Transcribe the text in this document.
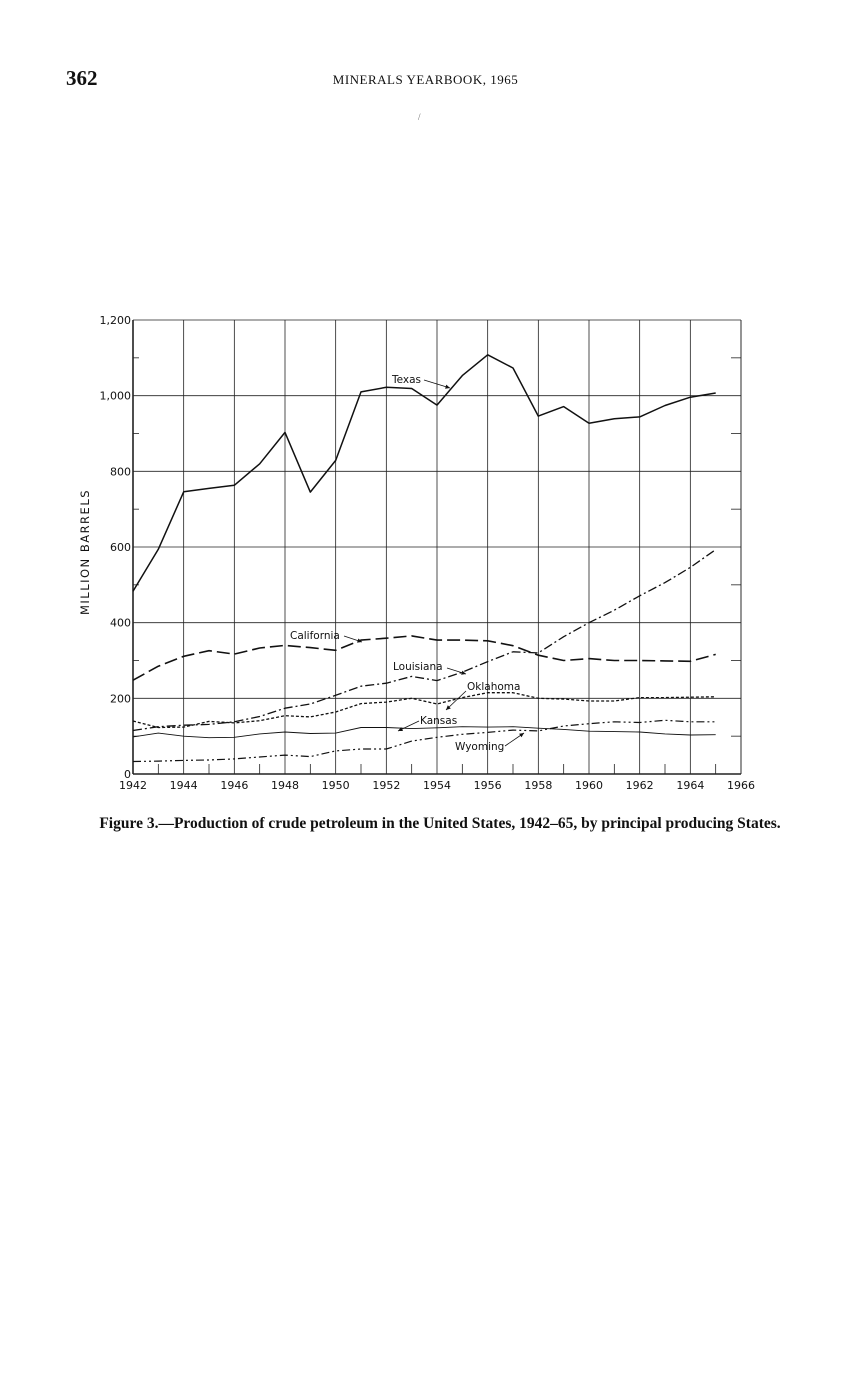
362	MINERALS YEARBOOK, 1965
/
1942 1944 1946 1948 1950 1952 1954 1956 1958 1960 1962 1964 1966
0
200
400
600
800
1,000
1,200
MILLION BARRELS
Texas
California
Louisiana
Oklahoma
Kansas
Wyoming
Figure 3.—Production of crude petroleum in the United States, 1942–65, by principal producing States.
